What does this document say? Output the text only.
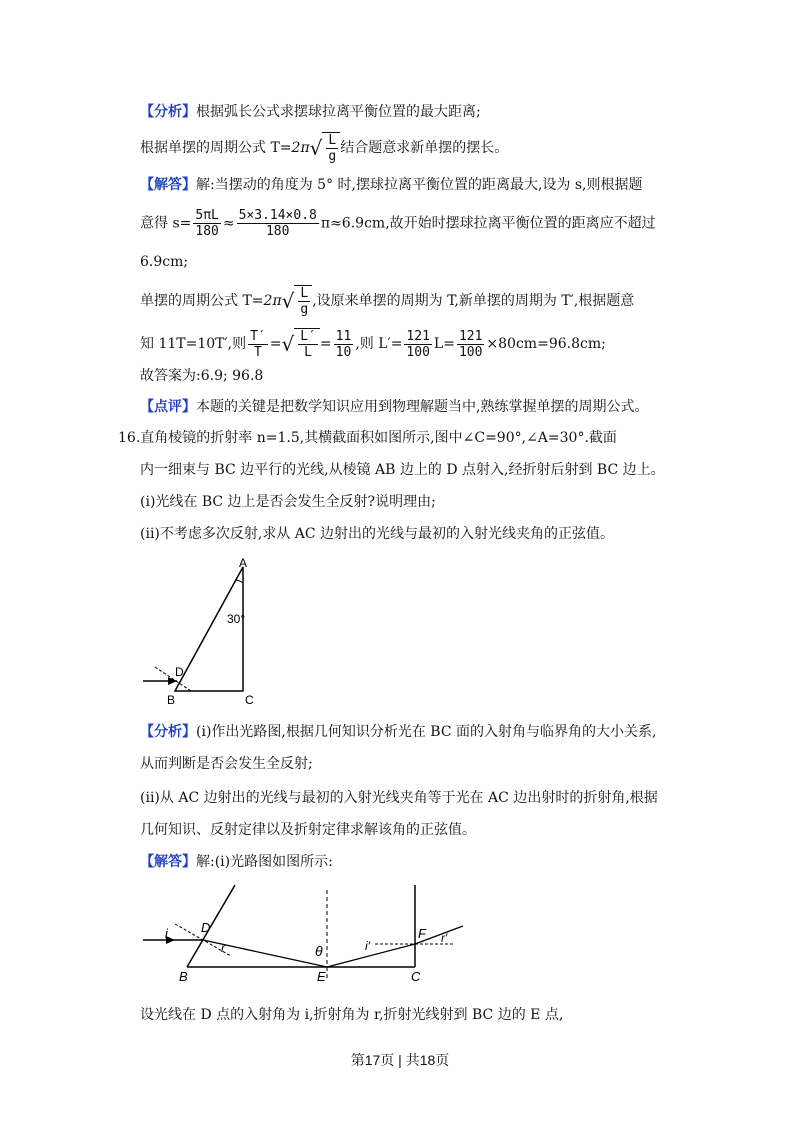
【分析】根据弧长公式求摆球拉离平衡位置的最大距离;
根据单摆的周期公式 $T=2\pi√ \frac{L}{g}$ 结合题意求新单摆的摆长。
【解答】解:当摆动的角度为 5° 时,摆球拉离平衡位置的距离最大,设为 s,则根据题
意得 $s= \frac{5\pi L}{180} \approx \frac{5\times 3.14\times 0.8}{180} \pi\approx 6.9cm$,故开始时摆球拉离平衡位置的距离应不超过
6.9cm;
单摆的周期公式 $T=2\pi√ \frac{L}{g}$ ,设原来单摆的周期为 T,新单摆的周期为 T′,根据题意
知 11T=10T′,则 $\frac{T'}{T}$ =√ $\frac{L'}{L} = \frac{11}{10}$ ,则 $L'= \frac{121}{100} L= \frac{121}{100} \times 80cm=96.8cm$;
故答案为:6.9; 96.8
【点评】本题的关键是把数学知识应用到物理解题当中,熟练掌握单摆的周期公式。
16.直角棱镜的折射率 n=1.5,其横截面积如图所示,图中∠C=90°,∠A=30°.截面
内一细束与 BC 边平行的光线,从棱镜 AB 边上的 D 点射入,经折射后射到 BC 边上。
(i)光线在 BC 边上是否会发生全反射?说明理由;
(ii)不考虑多次反射,求从 AC 边射出的光线与最初的入射光线夹角的正弦值。
A
30°
D
B	C
【分析】(i)作出光路图,根据几何知识分析光在 BC 面的入射角与临界角的大小关系,
从而判断是否会发生全反射;
(ii)从 AC 边射出的光线与最初的入射光线夹角等于光在 AC 边出射时的折射角,根据
几何知识、反射定律以及折射定律求解该角的正弦值。
【解答】解:(i)光路图如图所示:
i	D
r	θ	i′
F r′
B	E	C
设光线在 D 点的入射角为 i,折射角为 r,折射光线射到 BC 边的 E 点,
第17页 | 共18页
